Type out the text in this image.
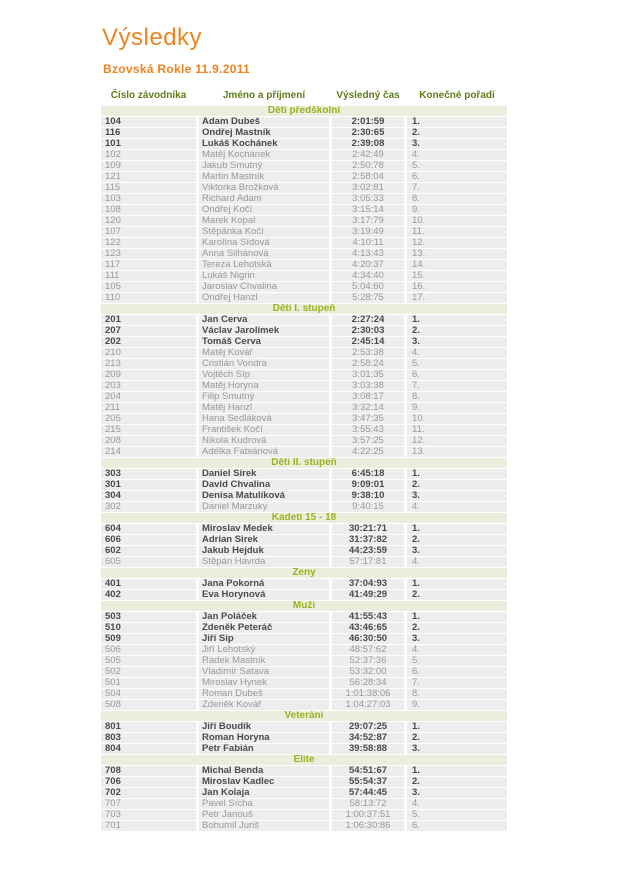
Výsledky
Bzovská Rokle 11.9.2011
Číslo závodníka	Jméno a příjmení	Výsledný čas	Konečné pořadí
Děti předškolní			
104	Adam Dubeš	2:01:59	1.
116	Ondřej Mastník	2:30:65	2.
101	Lukáš Kochánek	2:39:08	3.
102	Matěj Kochánek	2:42:49	4.
109	Jakub Smutný	2:50:78	5.
121	Martin Mastník	2:58:04	6.
115	Viktorka Brožková	3:02:81	7.
103	Richard Adam	3:05:33	8.
108	Ondřej Kočí	3:15:14	9.
120	Marek Kopal	3:17:79	10.
107	Štěpánka Kočí	3:19:49	11.
122	Karolína Šídová	4:10:11	12.
123	Anna Šilhánová	4:13:43	13.
117	Tereza Lehotská	4:20:37	14.
111	Lukáš Nigrin	4:34:40	15.
105	Jaroslav Chvalina	5:04:60	16.
110	Ondřej Hanzl	5:28:75	17.
Děti I. stupeň			
201	Jan Červa	2:27:24	1.
207	Václav Jarolímek	2:30:03	2.
202	Tomáš Červa	2:45:14	3.
210	Matěj Kovář	2:53:38	4.
213	Cristián Vondra	2:58:24	5.
209	Vojtěch Šíp	3:01:35	6.
203	Matěj Horyna	3:03:38	7.
204	Filip Smutný	3:08:17	8.
211	Matěj Hanzl	3:32:14	9.
205	Hana Sedláková	3:47:35	10.
215	František Kočí	3:55:43	11.
208	Nikola Kudrová	3:57:25	12.
214	Adélka Fabiánová	4:22:25	13.
Děti II. stupeň			
303	Daniel Sirek	6:45:18	1.
301	David Chvalina	9:09:01	2.
304	Denisa Matulíková	9:38:10	3.
302	Daniel Marzuky	9:40:15	4.
Kadeti 15 - 18			
604	Miroslav Medek	30:21:71	1.
606	Adrian Sirek	31:37:82	2.
602	Jakub Hejduk	44:23:59	3.
605	Štěpán Havrda	57:17:81	4.
Ženy			
401	Jana Pokorná	37:04:93	1.
402	Eva Horynová	41:49:29	2.
Muži			
503	Jan Poláček	41:55:43	1.
510	Zdeněk Peteráč	43:46:65	2.
509	Jiří Šíp	46:30:50	3.
506	Jiří Lehotský	48:57:62	4.
505	Radek Mastník	52:37:36	5.
502	Vladimír Šatava	53:32:00	6.
501	Miroslav Hynek	56:28:34	7.
504	Roman Dubeš	1:01:38:06	8.
508	Zdeněk Kovář	1:04:27:03	9.
Veteráni			
801	Jiří Boudík	29:07:25	1.
803	Roman Horyna	34:52:87	2.
804	Petr Fabián	39:58:88	3.
Elite			
708	Michal Benda	54:51:67	1.
706	Miroslav Kadlec	55:54:37	2.
702	Jan Kolaja	57:44:45	3.
707	Pavel Šícha	58:13:72	4.
703	Petr Janouš	1:00:37:51	5.
701	Bohumil Juriš	1:06:30:86	6.
